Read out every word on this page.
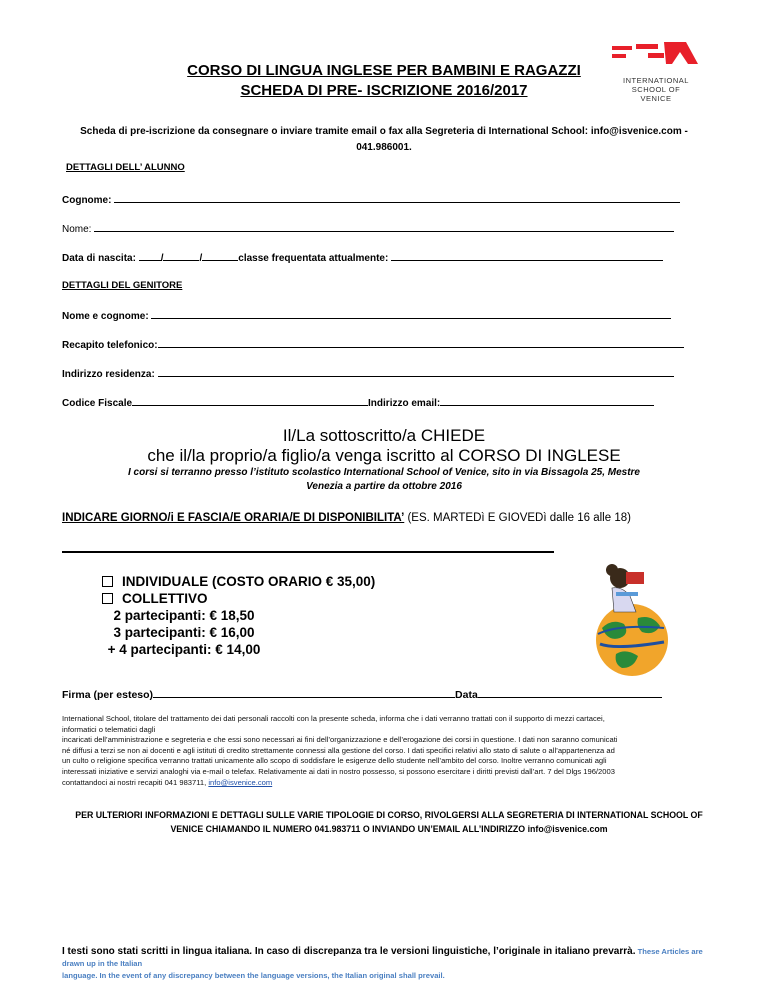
CORSO DI LINGUA INGLESE PER BAMBINI E RAGAZZI
SCHEDA DI PRE- ISCRIZIONE 2016/2017
INTERNATIONAL
SCHOOL OF
VENICE
Scheda di pre-iscrizione da consegnare o inviare tramite email o fax alla Segreteria di International School: info@isvenice.com -
041.986001.
DETTAGLI DELL’ ALUNNO
Cognome:
Nome:
Data di nascita: /	/	classe frequentata attualmente:
DETTAGLI DEL GENITORE
Nome e cognome:
Recapito telefonico:
Indirizzo residenza:
Codice Fiscale	Indirizzo email:
Il/La sottoscritto/a CHIEDE
che il/la proprio/a figlio/a venga iscritto al CORSO DI INGLESE
I corsi si terranno presso l’istituto scolastico International School of Venice, sito in via Bissagola 25, Mestre
Venezia a partire da ottobre 2016
INDICARE GIORNO/i E FASCIA/E ORARIA/E DI DISPONIBILITA’ (ES. MARTEDì E GIOVEDì dalle 16 alle 18)
INDIVIDUALE (COSTO ORARIO € 35,00)
COLLETTIVO
2 partecipanti: € 18,50
3 partecipanti: € 16,00
+ 4 partecipanti: € 14,00
Firma (per esteso)	Data
International School, titolare del trattamento dei dati personali raccolti con la presente scheda, informa che i dati verranno trattati con il supporto di mezzi cartacei,
informatici o telematici dagli
incaricati dell’amministrazione e segreteria e che essi sono necessari ai fini dell’organizzazione e dell’erogazione dei corsi in questione. I dati non saranno comunicati
né diffusi a terzi se non ai docenti e agli istituti di credito strettamente connessi alla gestione del corso. I dati specifici relativi allo stato di salute o all’appartenenza ad
un culto o religione specifica verranno trattati unicamente allo scopo di soddisfare le esigenze dello studente nell’ambito del corso. Inoltre verranno comunicati agli
interessati iniziative e servizi analoghi via e-mail o telefax. Relativamente ai dati in nostro possesso, si possono esercitare i diritti previsti dall’art. 7 del Dlgs 196/2003
contattandoci ai nostri recapiti 041 983711, info@isvenice.com
PER ULTERIORI INFORMAZIONI E DETTAGLI SULLE VARIE TIPOLOGIE DI CORSO, RIVOLGERSI ALLA SEGRETERIA DI INTERNATIONAL SCHOOL OF
VENICE CHIAMANDO IL NUMERO 041.983711 O INVIANDO UN’EMAIL ALL’INDIRIZZO info@isvenice.com
I testi sono stati scritti in lingua italiana. In caso di discrepanza tra le versioni linguistiche, l’originale in italiano prevarrà. These Articles are drawn up in the Italian
language. In the event of any discrepancy between the language versions, the Italian original shall prevail.
